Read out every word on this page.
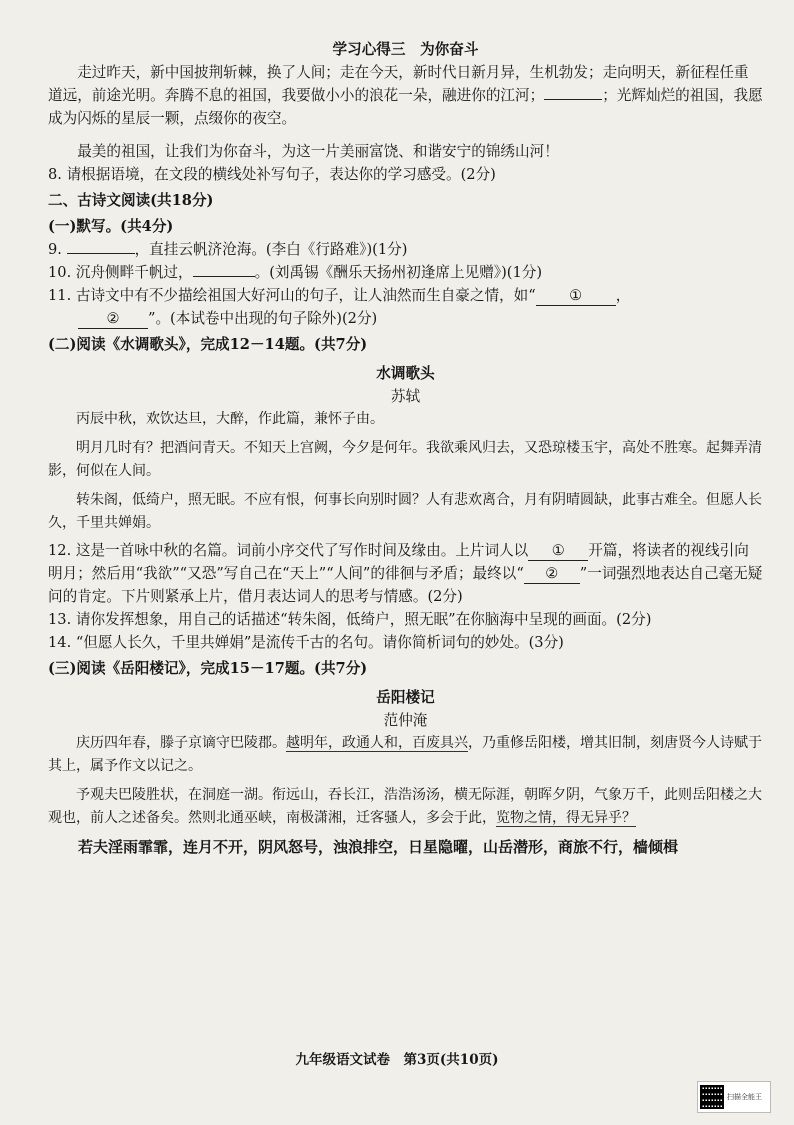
学习心得三　为你奋斗

走过昨天，新中国披荆斩棘，换了人间；走在今天，新时代日新月异，生机勃发；走向明天，新征程任重道远，前途光明。奔腾不息的祖国，我要做小小的浪花一朵，融进你的江河；	；光辉灿烂的祖国，我愿成为闪烁的星辰一颗，点缀你的夜空。

最美的祖国，让我们为你奋斗，为这一片美丽富饶、和谐安宁的锦绣山河！

8. 请根据语境，在文段的横线处补写句子，表达你的学习感受。(2分)

二、古诗文阅读(共18分)

(一)默写。(共4分)

9.	，直挂云帆济沧海。(李白《行路难》)(1分)

10. 沉舟侧畔千帆过，	。(刘禹锡《酬乐天扬州初逢席上见赠》)(1分)

11. 古诗文中有不少描绘祖国大好河山的句子，让人油然而生自豪之情，如“ ① ，
② ”。(本试卷中出现的句子除外)(2分)

(二)阅读《水调歌头》，完成12－14题。(共7分)

水调歌头

苏轼

丙辰中秋，欢饮达旦，大醉，作此篇，兼怀子由。

明月几时有？把酒问青天。不知天上宫阙，今夕是何年。我欲乘风归去，又恐琼楼玉宇，高处不胜寒。起舞弄清影，何似在人间。

转朱阁，低绮户，照无眠。不应有恨，何事长向别时圆？人有悲欢离合，月有阴晴圆缺，此事古难全。但愿人长久，千里共婵娟。

12. 这是一首咏中秋的名篇。词前小序交代了写作时间及缘由。上片词人以 ① 开篇，将读者的视线引向明月；然后用“我欲”“又恐”写自己在“天上”“人间”的徘徊与矛盾；最终以“ ② ”一词强烈地表达自己毫无疑问的肯定。下片则紧承上片，借月表达词人的思考与情感。(2分)

13. 请你发挥想象，用自己的话描述“转朱阁，低绮户，照无眠”在你脑海中呈现的画面。(2分)

14. “但愿人长久，千里共婵娟”是流传千古的名句。请你简析词句的妙处。(3分)

(三)阅读《岳阳楼记》，完成15－17题。(共7分)

岳阳楼记

范仲淹

庆历四年春，滕子京谪守巴陵郡。越明年，政通人和，百废具兴，乃重修岳阳楼，增其旧制，刻唐贤今人诗赋于其上，属予作文以记之。

予观夫巴陵胜状，在洞庭一湖。衔远山，吞长江，浩浩汤汤，横无际涯，朝晖夕阴，气象万千，此则岳阳楼之大观也，前人之述备矣。然则北通巫峡，南极潇湘，迁客骚人，多会于此，览物之情，得无异乎？

若夫淫雨霏霏，连月不开，阴风怒号，浊浪排空，日星隐曜，山岳潜形，商旅不行，樯倾楫

九年级语文试卷　第3页(共10页)
扫描全能王
